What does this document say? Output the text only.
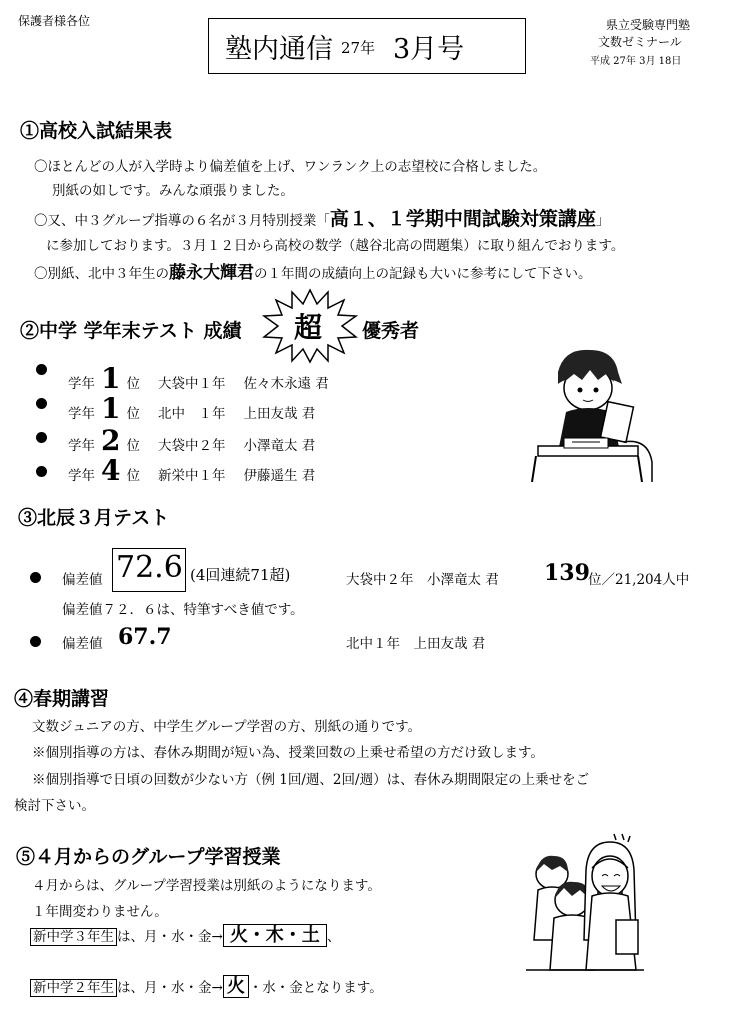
保護者様各位
塾内通信 27年 3月号
県立受験専門塾
文数ゼミナール
平成 27年 3月 18日
①高校入試結果表
〇ほとんどの人が入学時より偏差値を上げ、ワンランク上の志望校に合格しました。
別紙の如しです。みんな頑張りました。
〇又、中３グループ指導の６名が３月特別授業「高１、１学期中間試験対策講座」
に参加しております。３月１２日から高校の数学（越谷北高の問題集）に取り組んでおります。
〇別紙、北中３年生の藤永大輝君の１年間の成績向上の記録も大いに参考にして下さい。
②中学 学年末テスト 成績 超 優秀者
学年 1 位 大袋中１年 佐々木永遠 君
学年 1 位 北中　１年 上田友哉 君
学年 2 位 大袋中２年 小澤竜太 君
学年 4 位 新栄中１年 伊藤遥生 君
③北辰３月テスト
偏差値 72.6 (4回連続71超)	大袋中２年　小澤竜太 君 139
位／21,204人中
偏差値７２．６は、特筆すべき値です。
偏差値 67.7	北中１年　上田友哉 君
④春期講習
文数ジュニアの方、中学生グループ学習の方、別紙の通りです。
※個別指導の方は、春休み期間が短い為、授業回数の上乗せ希望の方だけ致します。
※個別指導で日頃の回数が少ない方（例 1回/週、2回/週）は、春休み期間限定の上乗せをご
検討下さい。
⑤４月からのグループ学習授業
４月からは、グループ学習授業は別紙のようになります。
１年間変わりません。
新中学３年生 は、月・水・金→ 火・木・土 、
新中学２年生 は、月・水・金→ 火 ・水・金となります。
